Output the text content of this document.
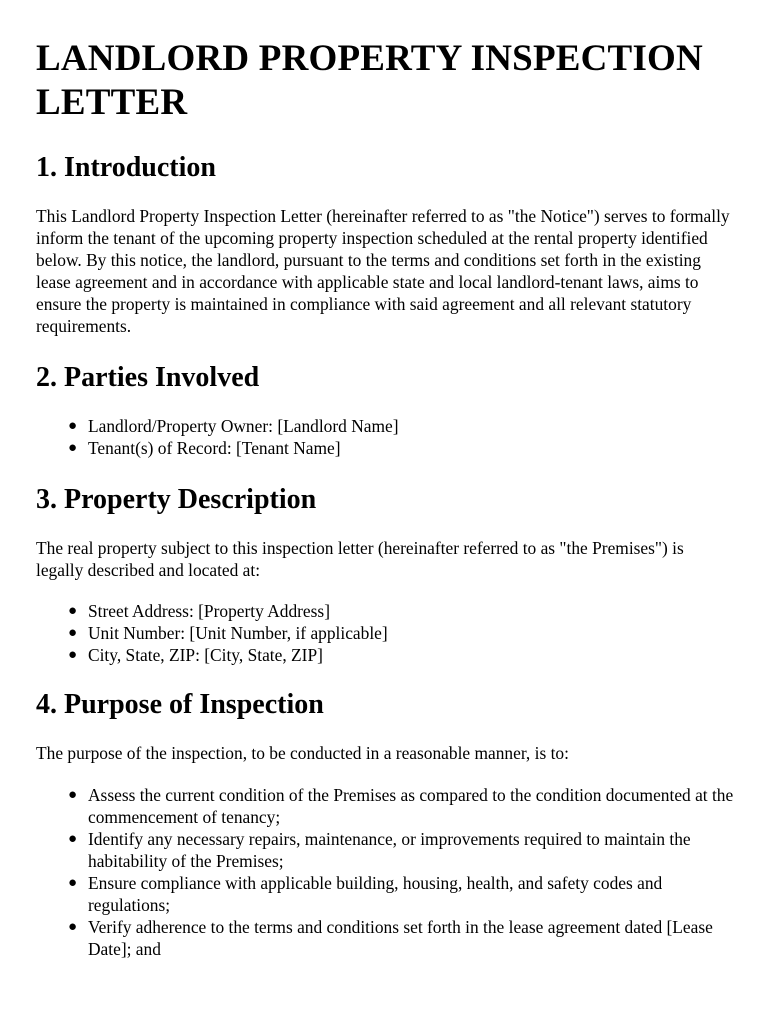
LANDLORD PROPERTY INSPECTION LETTER
1. Introduction

This Landlord Property Inspection Letter (hereinafter referred to as "the Notice") serves to formally inform the tenant of the upcoming property inspection scheduled at the rental property identified below. By this notice, the landlord, pursuant to the terms and conditions set forth in the existing lease agreement and in accordance with applicable state and local landlord-tenant laws, aims to ensure the property is maintained in compliance with said agreement and all relevant statutory requirements.

2. Parties Involved
● Landlord/Property Owner: [Landlord Name]
● Tenant(s) of Record: [Tenant Name]
3. Property Description

The real property subject to this inspection letter (hereinafter referred to as "the Premises") is legally described and located at:

● Street Address: [Property Address]
● Unit Number: [Unit Number, if applicable]
● City, State, ZIP: [City, State, ZIP]
4. Purpose of Inspection

The purpose of the inspection, to be conducted in a reasonable manner, is to:

● Assess the current condition of the Premises as compared to the condition documented at the commencement of tenancy;
● Identify any necessary repairs, maintenance, or improvements required to maintain the habitability of the Premises;
● Ensure compliance with applicable building, housing, health, and safety codes and regulations;
● Verify adherence to the terms and conditions set forth in the lease agreement dated [Lease Date]; and
